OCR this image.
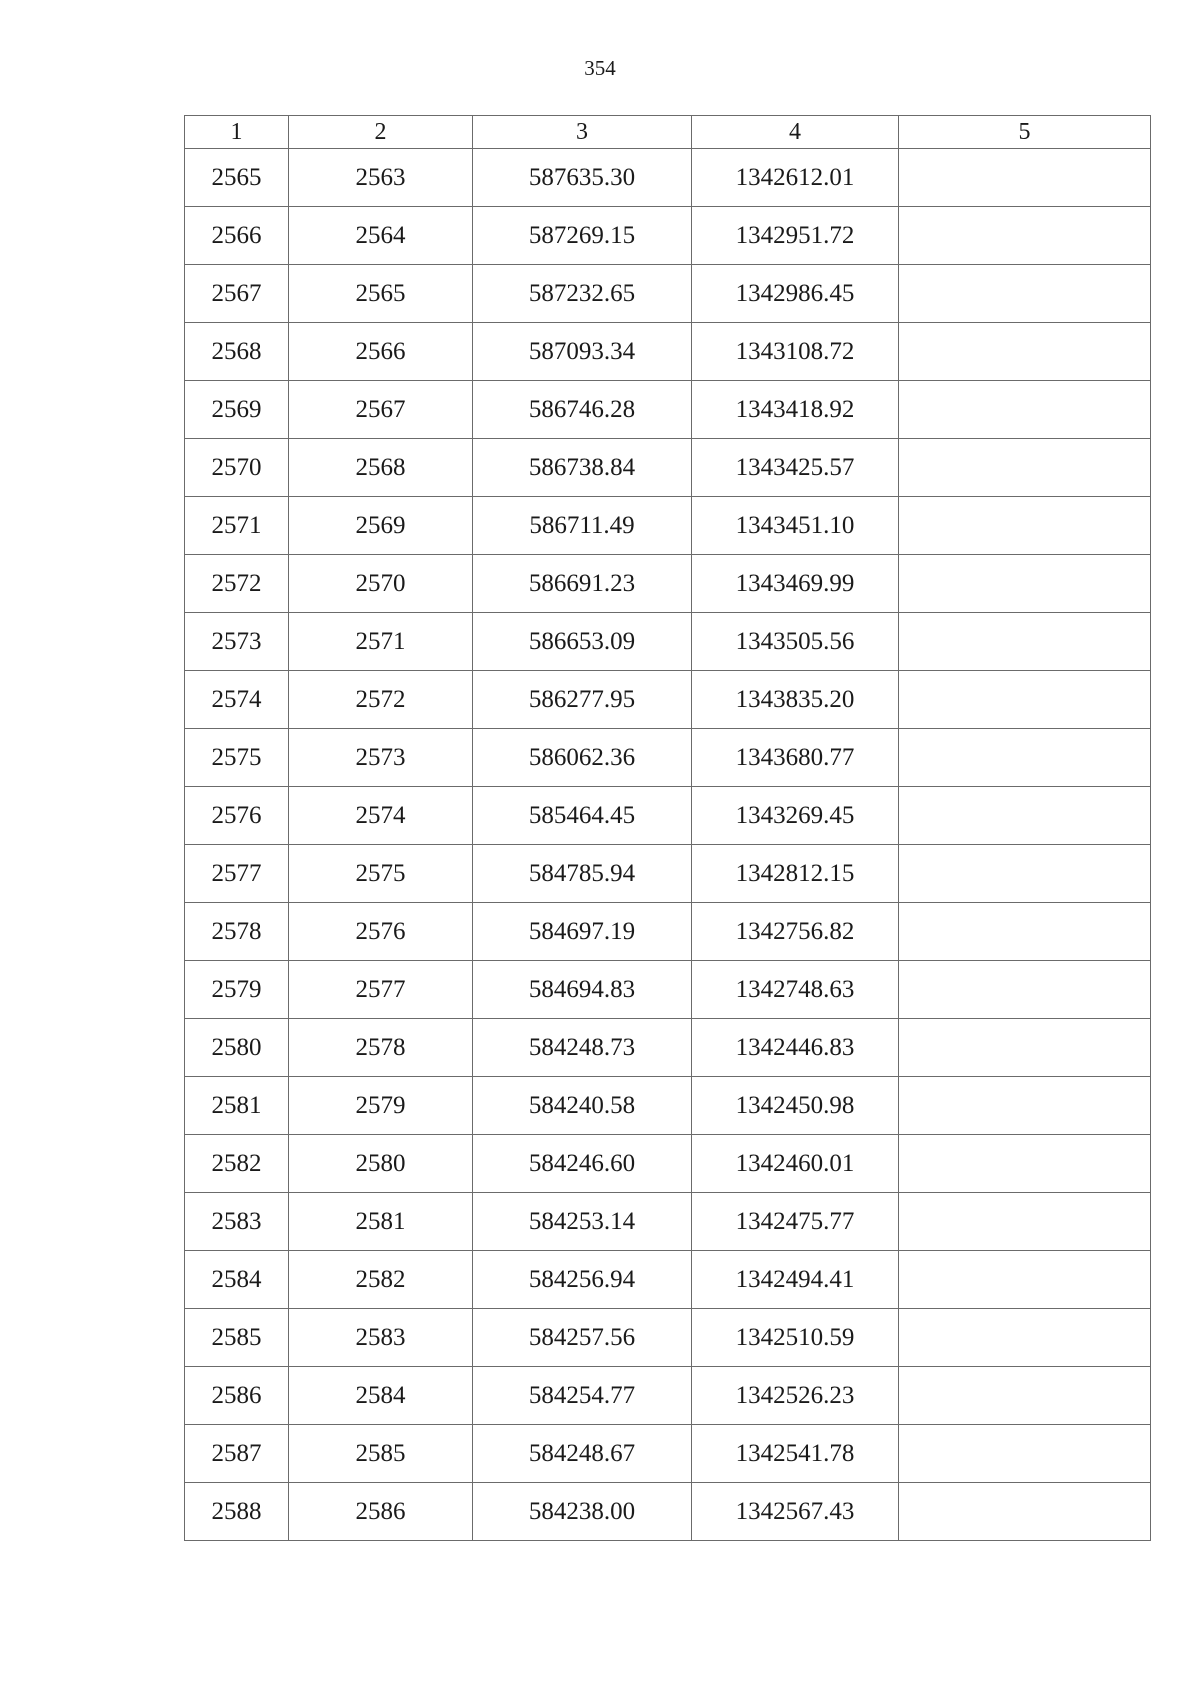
354
1	2	3	4	5
2565	2563	587635.30	1342612.01	
2566	2564	587269.15	1342951.72	
2567	2565	587232.65	1342986.45	
2568	2566	587093.34	1343108.72	
2569	2567	586746.28	1343418.92	
2570	2568	586738.84	1343425.57	
2571	2569	586711.49	1343451.10	
2572	2570	586691.23	1343469.99	
2573	2571	586653.09	1343505.56	
2574	2572	586277.95	1343835.20	
2575	2573	586062.36	1343680.77	
2576	2574	585464.45	1343269.45	
2577	2575	584785.94	1342812.15	
2578	2576	584697.19	1342756.82	
2579	2577	584694.83	1342748.63	
2580	2578	584248.73	1342446.83	
2581	2579	584240.58	1342450.98	
2582	2580	584246.60	1342460.01	
2583	2581	584253.14	1342475.77	
2584	2582	584256.94	1342494.41	
2585	2583	584257.56	1342510.59	
2586	2584	584254.77	1342526.23	
2587	2585	584248.67	1342541.78	
2588	2586	584238.00	1342567.43	
